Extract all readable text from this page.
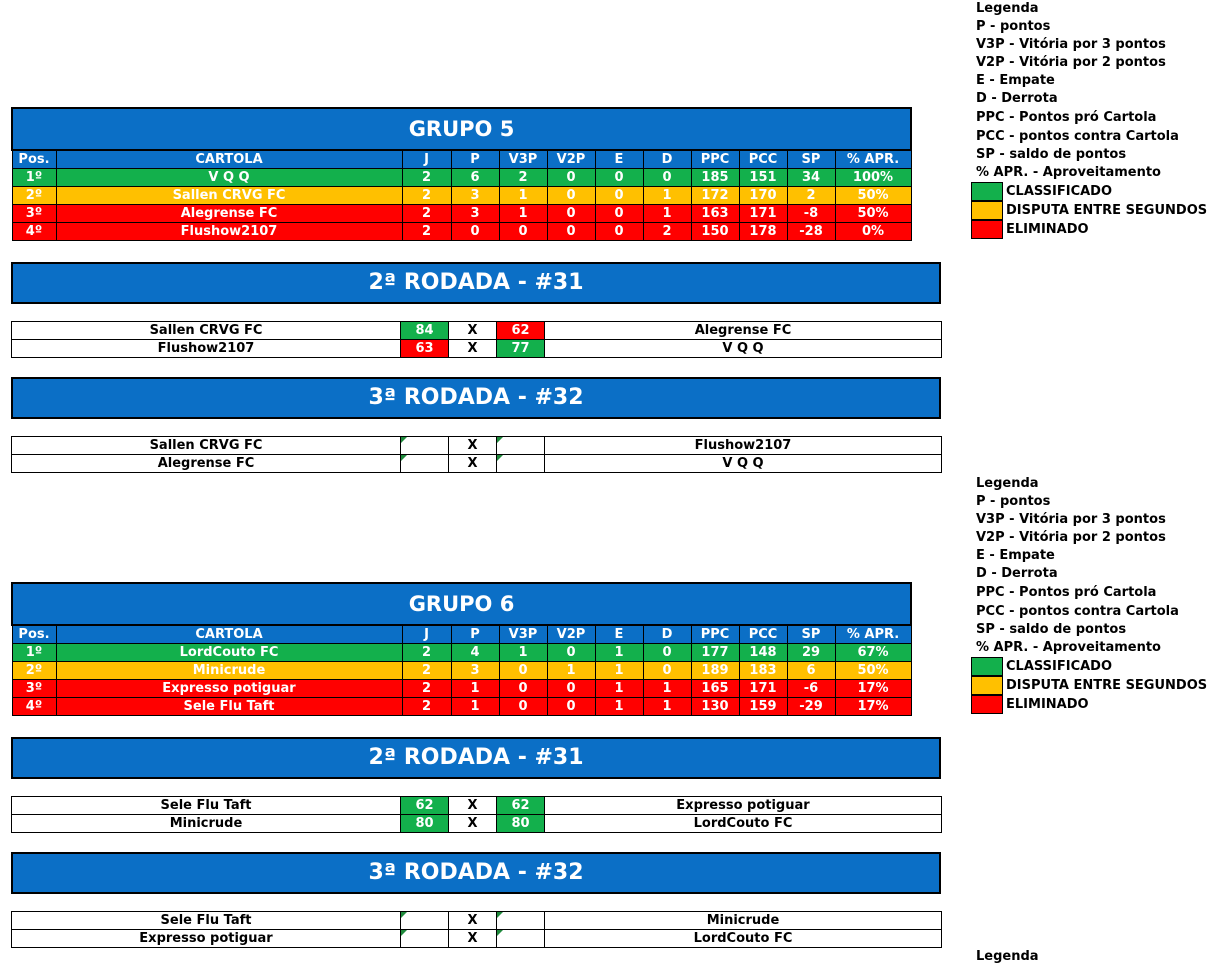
GRUPO 5											
Pos.	CARTOLA	J	P	V3P	V2P	E	D	PPC	PCC	SP	% APR.
1º	V Q Q	2	6	2	0	0	0	185	151	34	100%
2º	Sallen CRVG FC	2	3	1	0	0	1	172	170	2	50%
3º	Alegrense FC	2	3	1	0	0	1	163	171	-8	50%
4º	Flushow2107	2	0	0	0	0	2	150	178	-28	0%
2ª RODADA - #31
Sallen CRVG FC	84	X	62	Alegrense FC
Flushow2107	63	X	77	V Q Q
3ª RODADA - #32
Sallen CRVG FC		X		Flushow2107
Alegrense FC		X		V Q Q
GRUPO 6											
Pos.	CARTOLA	J	P	V3P	V2P	E	D	PPC	PCC	SP	% APR.
1º	LordCouto FC	2	4	1	0	1	0	177	148	29	67%
2º	Minicrude	2	3	0	1	1	0	189	183	6	50%
3º	Expresso potiguar	2	1	0	0	1	1	165	171	-6	17%
4º	Sele Flu Taft	2	1	0	0	1	1	130	159	-29	17%
2ª RODADA - #31
Sele Flu Taft	62	X	62	Expresso potiguar
Minicrude	80	X	80	LordCouto FC
3ª RODADA - #32
Sele Flu Taft		X		Minicrude
Expresso potiguar		X		LordCouto FC
Legenda
P - pontos
V3P - Vitória por 3 pontos
V2P - Vitória por 2 pontos
E - Empate
D - Derrota
PPC - Pontos pró Cartola
PCC - pontos contra Cartola
SP - saldo de pontos
% APR. - Aproveitamento
CLASSIFICADO
DISPUTA ENTRE SEGUNDOS
ELIMINADO
Legenda
P - pontos
V3P - Vitória por 3 pontos
V2P - Vitória por 2 pontos
E - Empate
D - Derrota
PPC - Pontos pró Cartola
PCC - pontos contra Cartola
SP - saldo de pontos
% APR. - Aproveitamento
CLASSIFICADO
DISPUTA ENTRE SEGUNDOS
ELIMINADO
Legenda
